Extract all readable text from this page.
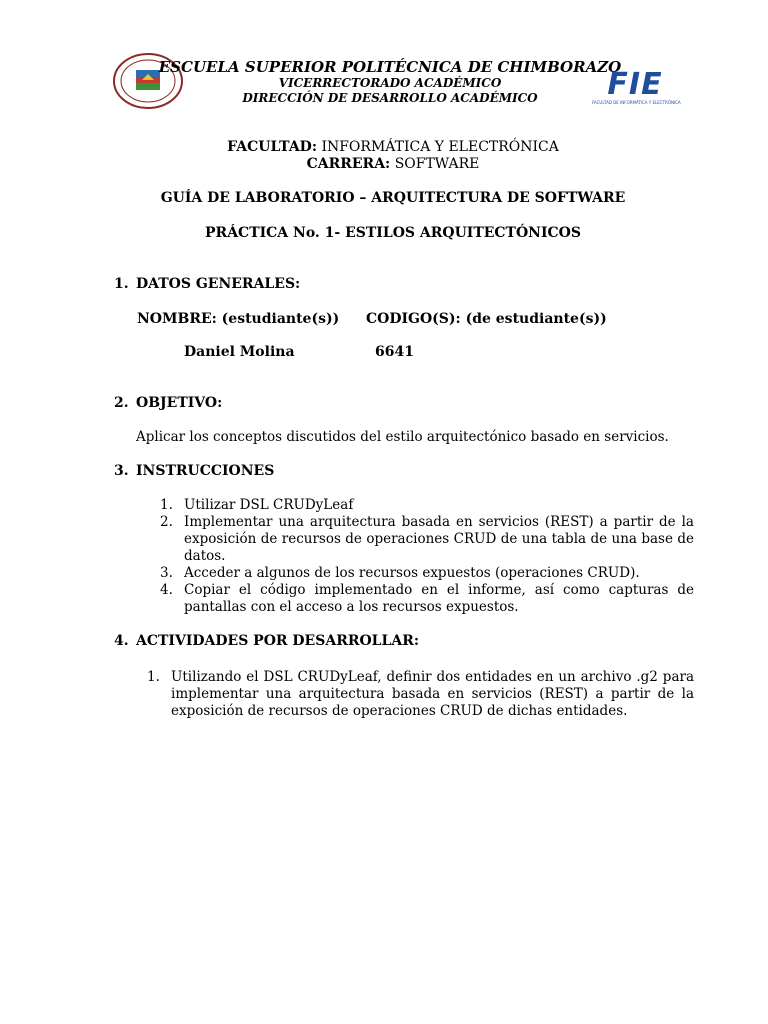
ESCUELA SUPERIOR POLITÉCNICA DE CHIMBORAZO
VICERRECTORADO ACADÉMICO
DIRECCIÓN DE DESARROLLO ACADÉMICO	FIE
FACULTAD DE INFORMÁTICA Y ELECTRÓNICA
FACULTAD: INFORMÁTICA Y ELECTRÓNICA
CARRERA: SOFTWARE
GUÍA DE LABORATORIO – ARQUITECTURA DE SOFTWARE
PRÁCTICA No. 1- ESTILOS ARQUITECTÓNICOS
1. DATOS GENERALES:
NOMBRE: (estudiante(s)) CODIGO(S): (de estudiante(s))
Daniel Molina	6641
2. OBJETIVO:
Aplicar los conceptos discutidos del estilo arquitectónico basado en servicios.
3. INSTRUCCIONES
1. Utilizar DSL CRUDyLeaf
2. Implementar una arquitectura basada en servicios (REST) a partir de la exposición de recursos de operaciones CRUD de una tabla de una base de datos.
3. Acceder a algunos de los recursos expuestos (operaciones CRUD).
4. Copiar el código implementado en el informe, así como capturas de pantallas con el acceso a los recursos expuestos.
4. ACTIVIDADES POR DESARROLLAR:
1. Utilizando el DSL CRUDyLeaf, definir dos entidades en un archivo .g2 para implementar una arquitectura basada en servicios (REST) a partir de la exposición de recursos de operaciones CRUD de dichas entidades.
